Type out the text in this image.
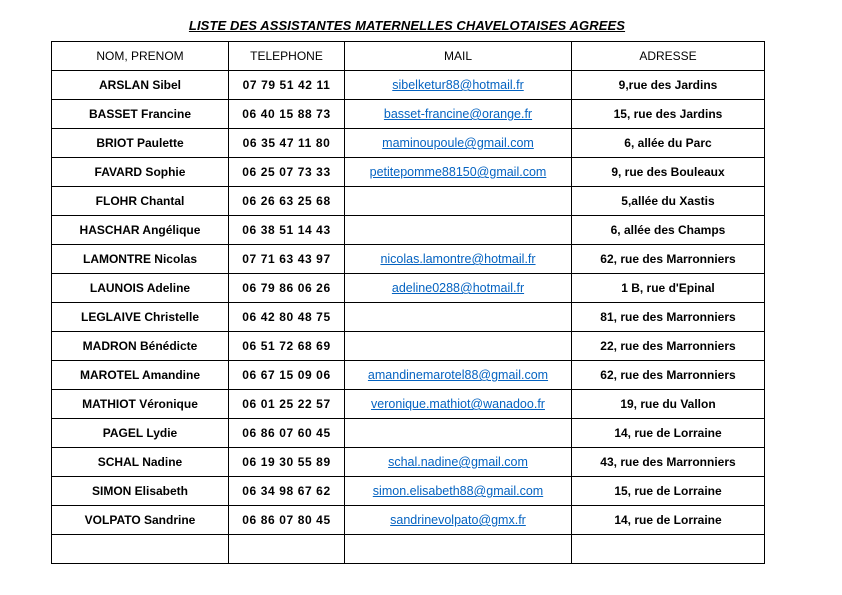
LISTE DES ASSISTANTES MATERNELLES CHAVELOTAISES AGREES
NOM, PRENOM	TELEPHONE	MAIL	ADRESSE
ARSLAN Sibel	07 79 51 42 11	sibelketur88@hotmail.fr	9,rue des Jardins
BASSET Francine	06 40 15 88 73	basset-francine@orange.fr	15, rue des Jardins
BRIOT Paulette	06 35 47 11 80	maminoupoule@gmail.com	6, allée du Parc
FAVARD Sophie	06 25 07 73 33	petitepomme88150@gmail.com	9, rue des Bouleaux
FLOHR Chantal	06 26 63 25 68		5,allée du Xastis
HASCHAR Angélique	06 38 51 14 43		6, allée des Champs
LAMONTRE Nicolas	07 71 63 43 97	nicolas.lamontre@hotmail.fr	62, rue des Marronniers
LAUNOIS Adeline	06 79 86 06 26	adeline0288@hotmail.fr	1 B, rue d'Epinal
LEGLAIVE Christelle	06 42 80 48 75		81, rue des Marronniers
MADRON Bénédicte	06 51 72 68 69		22, rue des Marronniers
MAROTEL Amandine	06 67 15 09 06	amandinemarotel88@gmail.com	62, rue des Marronniers
MATHIOT Véronique	06 01 25 22 57	veronique.mathiot@wanadoo.fr	19, rue du Vallon
PAGEL Lydie	06 86 07 60 45		14, rue de Lorraine
SCHAL Nadine	06 19 30 55 89	schal.nadine@gmail.com	43, rue des Marronniers
SIMON Elisabeth	06 34 98 67 62	simon.elisabeth88@gmail.com	15, rue de Lorraine
VOLPATO Sandrine	06 86 07 80 45	sandrinevolpato@gmx.fr	14, rue de Lorraine
